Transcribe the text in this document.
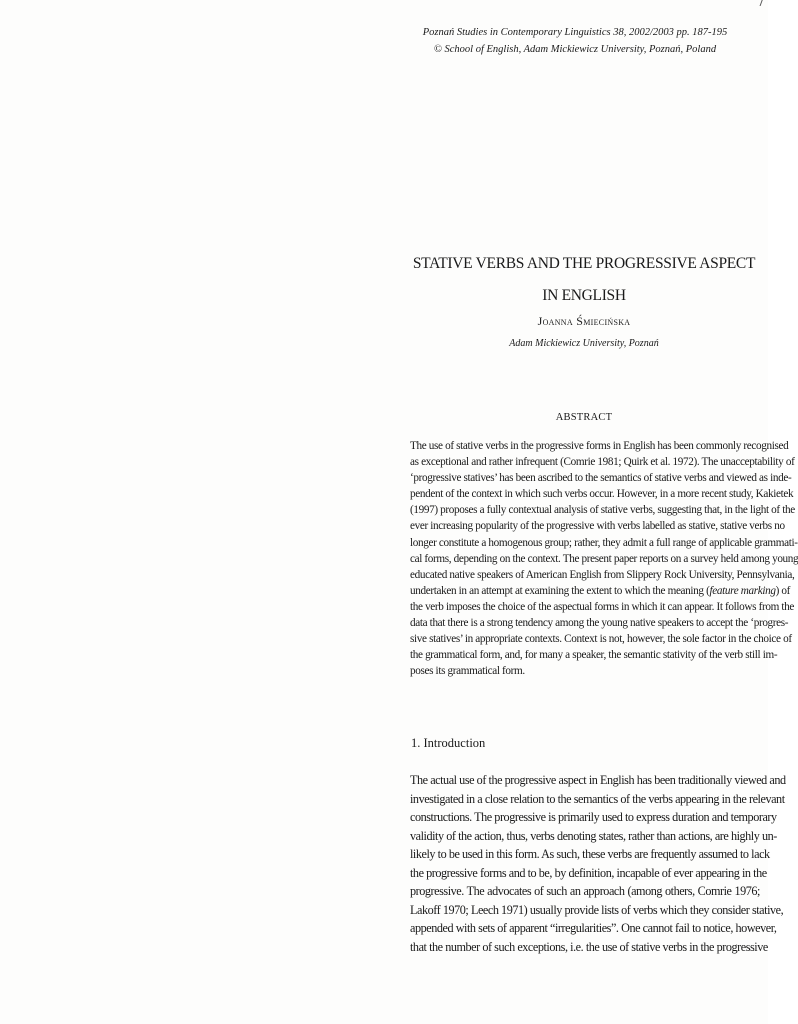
Poznań Studies in Contemporary Linguistics 38, 2002/2003 pp. 187-195
© School of English, Adam Mickiewicz University, Poznań, Poland
STATIVE VERBS AND THE PROGRESSIVE ASPECT
IN ENGLISH
Joanna Śmiecińska
Adam Mickiewicz University, Poznań
ABSTRACT
The use of stative verbs in the progressive forms in English has been commonly recognised
as exceptional and rather infrequent (Comrie 1981; Quirk et al. 1972). The unacceptability of
‘progressive statives’ has been ascribed to the semantics of stative verbs and viewed as inde-
pendent of the context in which such verbs occur. However, in a more recent study, Kakietek
(1997) proposes a fully contextual analysis of stative verbs, suggesting that, in the light of the
ever increasing popularity of the progressive with verbs labelled as stative, stative verbs no
longer constitute a homogenous group; rather, they admit a full range of applicable grammati-
cal forms, depending on the context. The present paper reports on a survey held among young
educated native speakers of American English from Slippery Rock University, Pennsylvania,
undertaken in an attempt at examining the extent to which the meaning (feature marking) of
the verb imposes the choice of the aspectual forms in which it can appear. It follows from the
data that there is a strong tendency among the young native speakers to accept the ‘progres-
sive statives’ in appropriate contexts. Context is not, however, the sole factor in the choice of
the grammatical form, and, for many a speaker, the semantic stativity of the verb still im-
poses its grammatical form.
1. Introduction
The actual use of the progressive aspect in English has been traditionally viewed and
investigated in a close relation to the semantics of the verbs appearing in the relevant
constructions. The progressive is primarily used to express duration and temporary
validity of the action, thus, verbs denoting states, rather than actions, are highly un-
likely to be used in this form. As such, these verbs are frequently assumed to lack
the progressive forms and to be, by definition, incapable of ever appearing in the
progressive. The advocates of such an approach (among others, Comrie 1976;
Lakoff 1970; Leech 1971) usually provide lists of verbs which they consider stative,
appended with sets of apparent “irregularities”. One cannot fail to notice, however,
that the number of such exceptions, i.e. the use of stative verbs in the progressive
